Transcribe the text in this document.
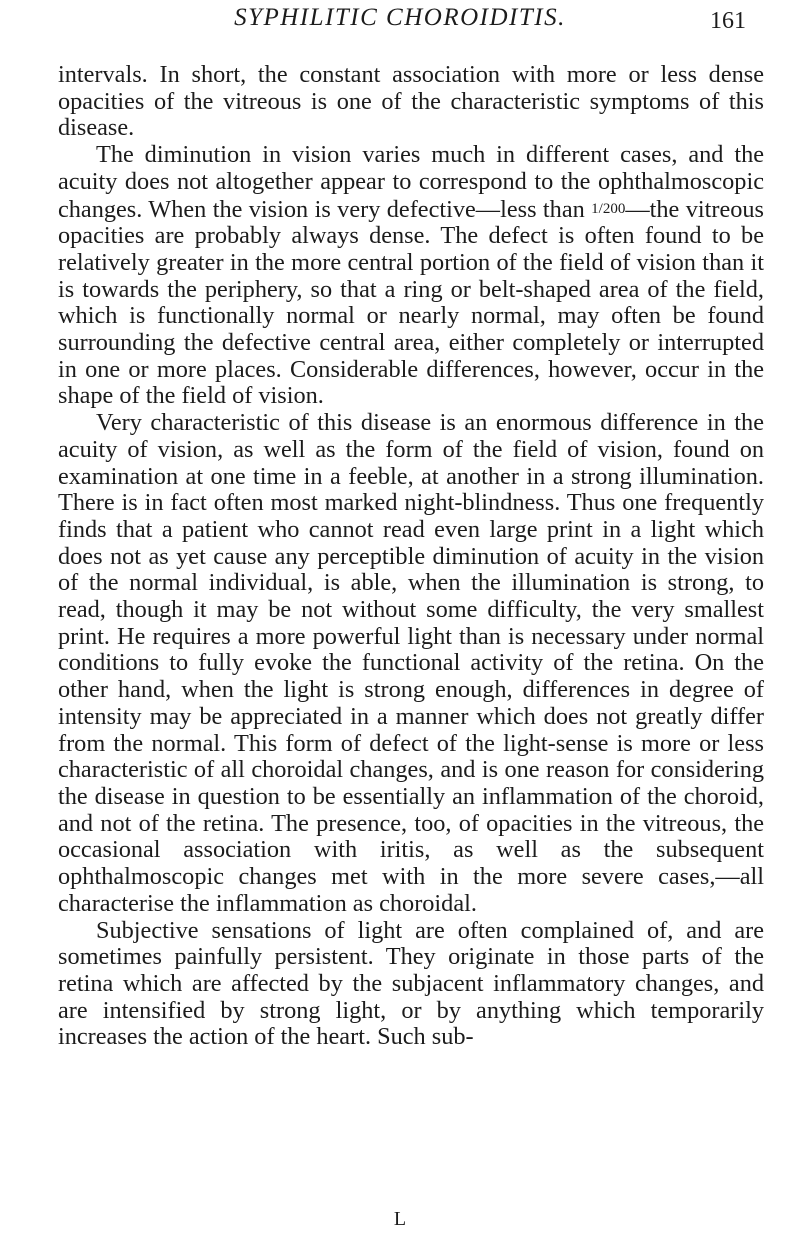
SYPHILITIC CHOROIDITIS.	161

intervals. In short, the constant association with more or less dense opacities of the vitreous is one of the characteristic symptoms of this disease.

The diminution in vision varies much in different cases, and the acuity does not altogether appear to correspond to the ophthalmoscopic changes. When the vision is very defective—less than 1/200—the vitreous opacities are probably always dense. The defect is often found to be relatively greater in the more central portion of the field of vision than it is towards the periphery, so that a ring or belt-shaped area of the field, which is functionally normal or nearly normal, may often be found surrounding the defective central area, either completely or interrupted in one or more places. Considerable differences, however, occur in the shape of the field of vision.

Very characteristic of this disease is an enormous difference in the acuity of vision, as well as the form of the field of vision, found on examination at one time in a feeble, at another in a strong illumination. There is in fact often most marked night-blindness. Thus one frequently finds that a patient who cannot read even large print in a light which does not as yet cause any perceptible diminution of acuity in the vision of the normal individual, is able, when the illumination is strong, to read, though it may be not without some difficulty, the very smallest print. He requires a more powerful light than is necessary under normal conditions to fully evoke the functional activity of the retina. On the other hand, when the light is strong enough, differences in degree of intensity may be appreciated in a manner which does not greatly differ from the normal. This form of defect of the light-sense is more or less characteristic of all choroidal changes, and is one reason for considering the disease in question to be essentially an inflammation of the choroid, and not of the retina. The presence, too, of opacities in the vitreous, the occasional association with iritis, as well as the subsequent ophthalmoscopic changes met with in the more severe cases,—all characterise the inflammation as choroidal.

Subjective sensations of light are often complained of, and are sometimes painfully persistent. They originate in those parts of the retina which are affected by the subjacent inflammatory changes, and are intensified by strong light, or by anything which temporarily increases the action of the heart. Such sub-

L
